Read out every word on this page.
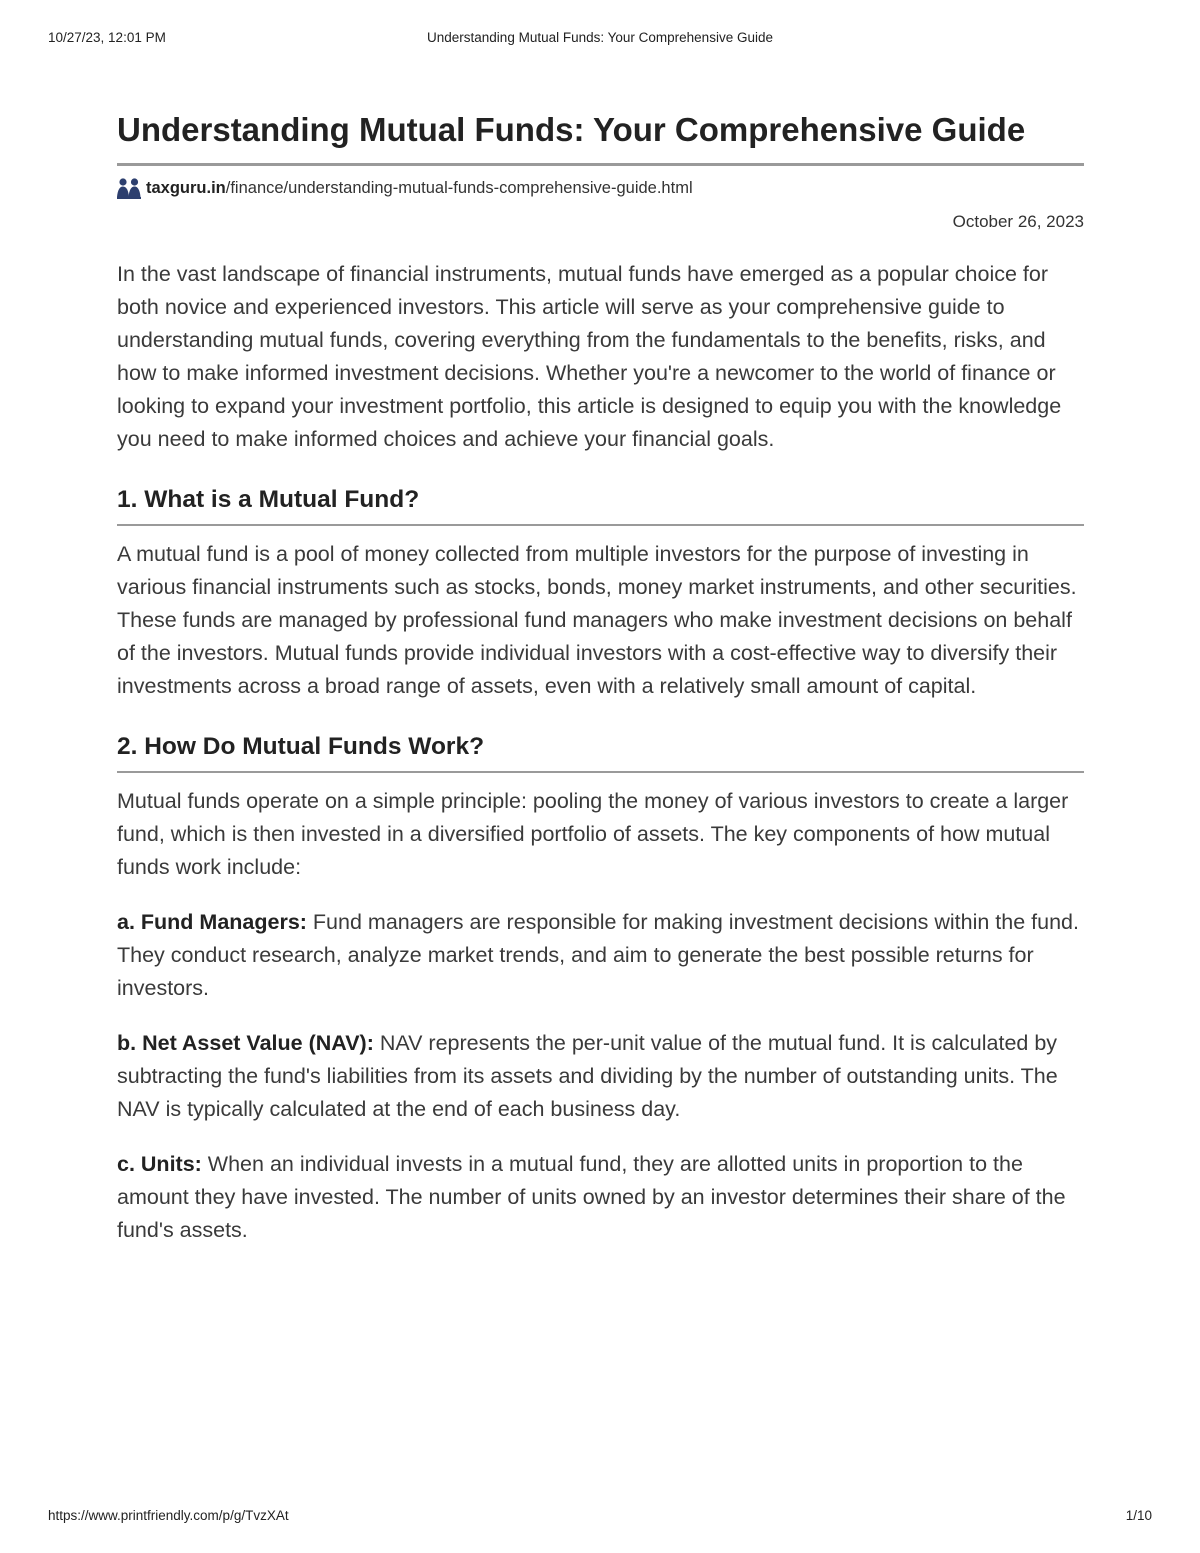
10/27/23, 12:01 PM	Understanding Mutual Funds: Your Comprehensive Guide
Understanding Mutual Funds: Your Comprehensive Guide
taxguru.in /finance/understanding-mutual-funds-comprehensive-guide.html
October 26, 2023

In the vast landscape of financial instruments, mutual funds have emerged as a popular choice for both novice and experienced investors. This article will serve as your comprehensive guide to understanding mutual funds, covering everything from the fundamentals to the benefits, risks, and how to make informed investment decisions. Whether you're a newcomer to the world of finance or looking to expand your investment portfolio, this article is designed to equip you with the knowledge you need to make informed choices and achieve your financial goals.

1. What is a Mutual Fund?

A mutual fund is a pool of money collected from multiple investors for the purpose of investing in various financial instruments such as stocks, bonds, money market instruments, and other securities. These funds are managed by professional fund managers who make investment decisions on behalf of the investors. Mutual funds provide individual investors with a cost-effective way to diversify their investments across a broad range of assets, even with a relatively small amount of capital.

2. How Do Mutual Funds Work?

Mutual funds operate on a simple principle: pooling the money of various investors to create a larger fund, which is then invested in a diversified portfolio of assets. The key components of how mutual funds work include:

a. Fund Managers: Fund managers are responsible for making investment decisions within the fund. They conduct research, analyze market trends, and aim to generate the best possible returns for investors.

b. Net Asset Value (NAV): NAV represents the per-unit value of the mutual fund. It is calculated by subtracting the fund's liabilities from its assets and dividing by the number of outstanding units. The NAV is typically calculated at the end of each business day.

c. Units: When an individual invests in a mutual fund, they are allotted units in proportion to the amount they have invested. The number of units owned by an investor determines their share of the fund's assets.

https://www.printfriendly.com/p/g/TvzXAt	1/10
